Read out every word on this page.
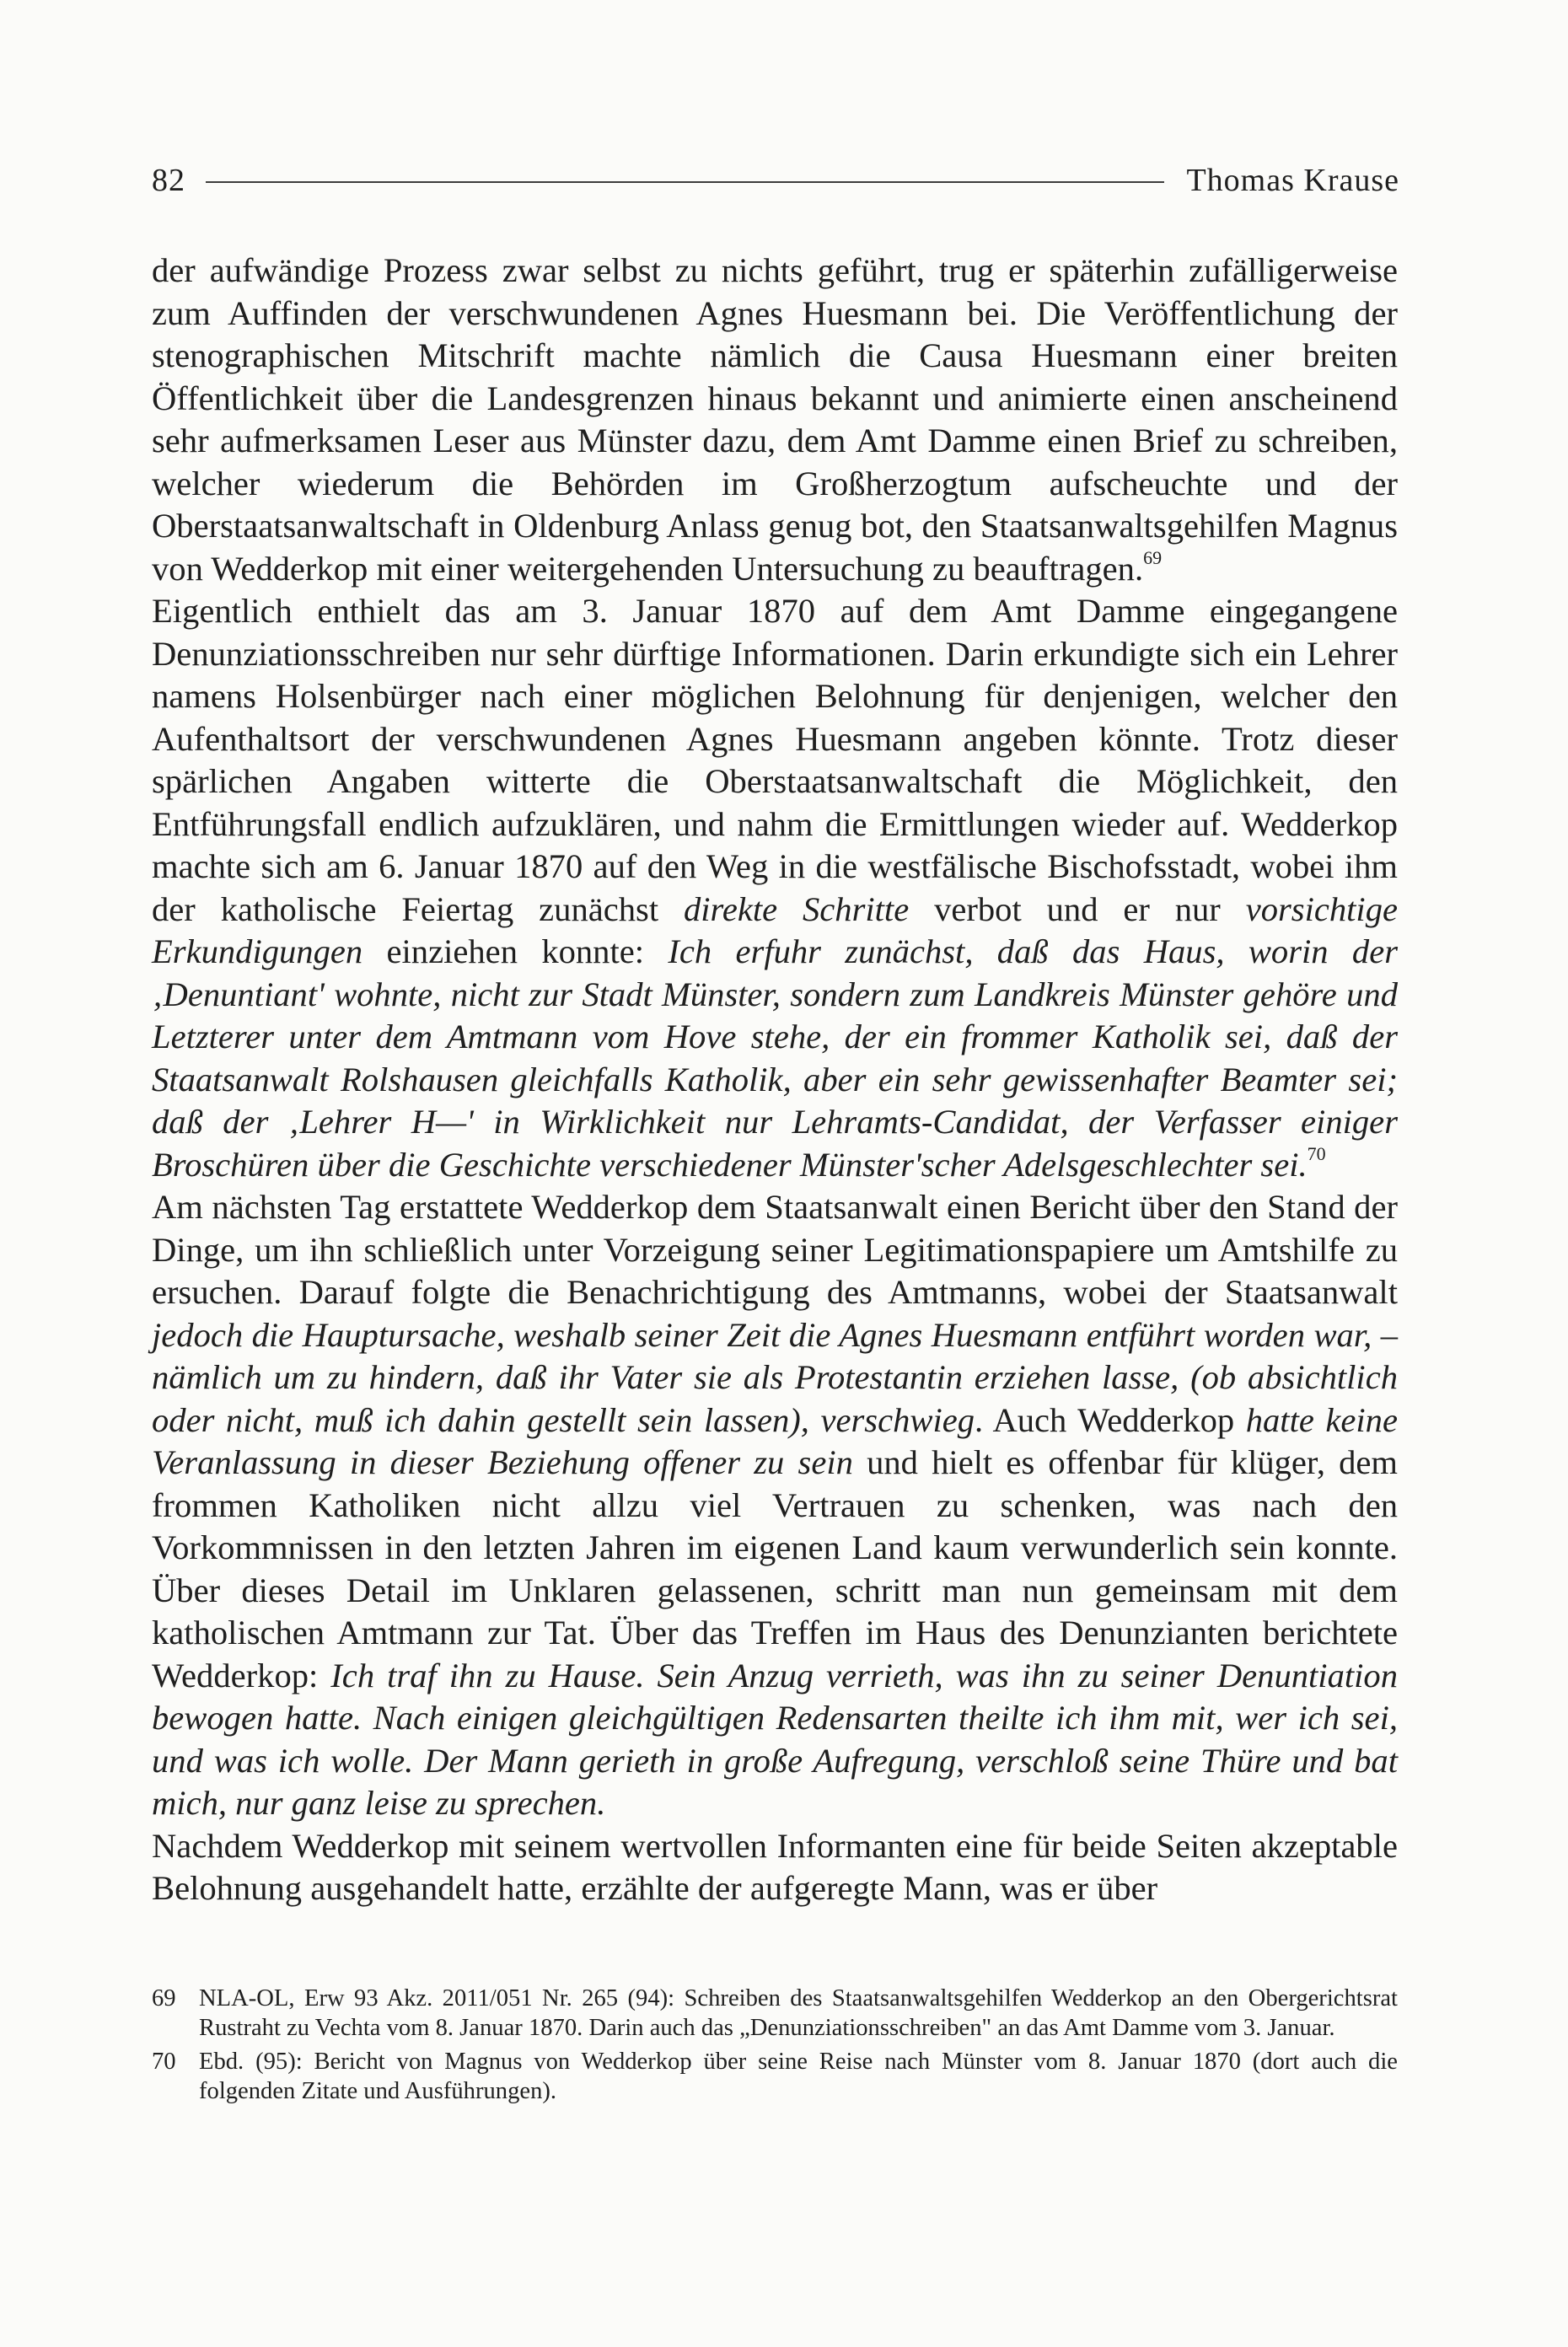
82	Thomas Krause

der aufwändige Prozess zwar selbst zu nichts geführt, trug er späterhin zufälligerweise zum Auffinden der verschwundenen Agnes Huesmann bei. Die Veröffentlichung der stenographischen Mitschrift machte nämlich die Causa Huesmann einer breiten Öffentlichkeit über die Landesgrenzen hinaus bekannt und animierte einen anscheinend sehr aufmerksamen Leser aus Münster dazu, dem Amt Damme einen Brief zu schreiben, welcher wiederum die Behörden im Großherzogtum aufscheuchte und der Oberstaatsanwaltschaft in Oldenburg Anlass genug bot, den Staatsanwaltsgehilfen Magnus von Wedderkop mit einer weitergehenden Untersuchung zu beauftragen.$^{69}$

Eigentlich enthielt das am 3. Januar 1870 auf dem Amt Damme eingegangene Denunziationsschreiben nur sehr dürftige Informationen. Darin erkundigte sich ein Lehrer namens Holsenbürger nach einer möglichen Belohnung für denjenigen, welcher den Aufenthaltsort der verschwundenen Agnes Huesmann angeben könnte. Trotz dieser spärlichen Angaben witterte die Oberstaatsanwaltschaft die Möglichkeit, den Entführungsfall endlich aufzuklären, und nahm die Ermittlungen wieder auf. Wedderkop machte sich am 6. Januar 1870 auf den Weg in die westfälische Bischofsstadt, wobei ihm der katholische Feiertag zunächst direkte Schritte verbot und er nur vorsichtige Erkundigungen einziehen konnte: Ich erfuhr zunächst, daß das Haus, worin der ‚Denuntiant' wohnte, nicht zur Stadt Münster, sondern zum Landkreis Münster gehöre und Letzterer unter dem Amtmann vom Hove stehe, der ein frommer Katholik sei, daß der Staatsanwalt Rolshausen gleichfalls Katholik, aber ein sehr gewissenhafter Beamter sei; daß der ‚Lehrer H—' in Wirklichkeit nur Lehramts-Candidat, der Verfasser einiger Broschüren über die Geschichte verschiedener Münster'scher Adelsgeschlechter sei.$^{70}$

Am nächsten Tag erstattete Wedderkop dem Staatsanwalt einen Bericht über den Stand der Dinge, um ihn schließlich unter Vorzeigung seiner Legitimationspapiere um Amtshilfe zu ersuchen. Darauf folgte die Benachrichtigung des Amtmanns, wobei der Staatsanwalt jedoch die Hauptursache, weshalb seiner Zeit die Agnes Huesmann entführt worden war, – nämlich um zu hindern, daß ihr Vater sie als Protestantin erziehen lasse, (ob absichtlich oder nicht, muß ich dahin gestellt sein lassen), verschwieg. Auch Wedderkop hatte keine Veranlassung in dieser Beziehung offener zu sein und hielt es offenbar für klüger, dem frommen Katholiken nicht allzu viel Vertrauen zu schenken, was nach den Vorkommnissen in den letzten Jahren im eigenen Land kaum verwunderlich sein konnte. Über dieses Detail im Unklaren gelassenen, schritt man nun gemeinsam mit dem katholischen Amtmann zur Tat. Über das Treffen im Haus des Denunzianten berichtete Wedderkop: Ich traf ihn zu Hause. Sein Anzug verrieth, was ihn zu seiner Denuntiation bewogen hatte. Nach einigen gleichgültigen Redensarten theilte ich ihm mit, wer ich sei, und was ich wolle. Der Mann gerieth in große Aufregung, verschloß seine Thüre und bat mich, nur ganz leise zu sprechen.

Nachdem Wedderkop mit seinem wertvollen Informanten eine für beide Seiten akzeptable Belohnung ausgehandelt hatte, erzählte der aufgeregte Mann, was er über

69 NLA-OL, Erw 93 Akz. 2011/051 Nr. 265 (94): Schreiben des Staatsanwaltsgehilfen Wedderkop an den Obergerichtsrat Rustraht zu Vechta vom 8. Januar 1870. Darin auch das „Denunziationsschreiben" an das Amt Damme vom 3. Januar.
70 Ebd. (95): Bericht von Magnus von Wedderkop über seine Reise nach Münster vom 8. Januar 1870 (dort auch die folgenden Zitate und Ausführungen).
